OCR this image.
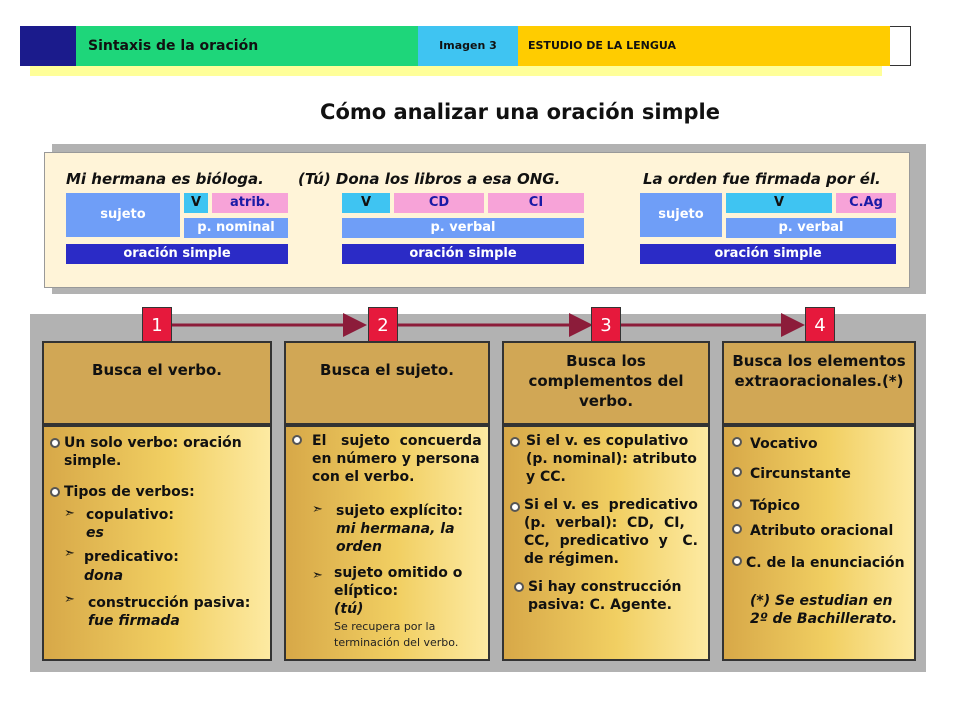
Sintaxis de la oración	Imagen 3	ESTUDIO DE LA LENGUA
Cómo analizar una oración simple
Mi hermana es bióloga.
sujeto
V	atrib.
p. nominal
oración simple
(Tú) Dona los libros a esa ONG.
V	CD	CI
p. verbal
oración simple
La orden fue firmada por él.
sujeto
V	C.Ag
p. verbal
oración simple
1	2	3	4
Busca el verbo.
Un solo verbo: oración
simple.
Tipos de verbos:
➣ copulativo:
es
➣ predicativo:
dona
➣ construcción pasiva:
fue firmada
Busca el sujeto.
El   sujeto  concuerda
en número y persona
con el verbo.
➣ sujeto explícito:
mi hermana, la
orden
➣ sujeto omitido o
elíptico:
(tú)
Se recupera por la
terminación del verbo.
Busca los complementos del verbo.
Si el v. es copulativo
(p. nominal): atributo
y CC.
Si el v. es  predicativo
(p.  verbal):  CD,  CI,
CC,  predicativo  y   C.
de régimen.
Si hay construcción
pasiva: C. Agente.
Busca los elementos extraoracionales.(*)
Vocativo
Circunstante
Tópico
Atributo oracional
C. de la enunciación
(*) Se estudian en
2º de Bachillerato.
